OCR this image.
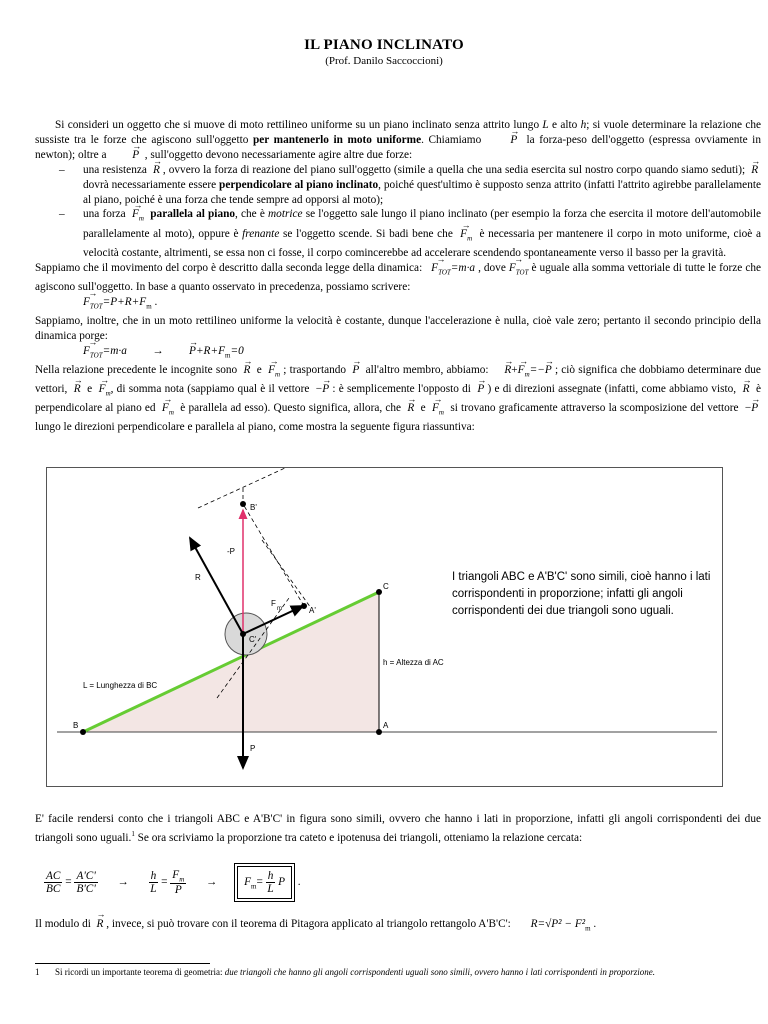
IL PIANO INCLINATO
(Prof. Danilo Saccoccioni)

Si consideri un oggetto che si muove di moto rettilineo uniforme su un piano inclinato senza attrito lungo L e alto h; si vuole determinare la relazione che sussiste tra le forze che agiscono sull'oggetto per mantenerlo in moto uniforme. Chiamiamo	→ P la forza-peso dell'oggetto (espressa ovviamente in newton); oltre a → P , sull'oggetto devono necessariamente agire altre due forze:

– una resistenza → R , ovvero la forza di reazione del piano sull'oggetto (simile a quella che una sedia esercita sul nostro corpo quando siamo seduti); → R  dovrà necessariamente essere perpendicolare al piano inclinato, poiché quest'ultimo è supposto senza attrito (infatti l'attrito agirebbe parallelamente al piano, poiché è una forza che tende sempre ad opporsi al moto);

– una forza → $F_m$ parallela al piano, che è motrice se l'oggetto sale lungo il piano inclinato (per esempio la forza che esercita il motore dell'automobile parallelamente al moto), oppure è frenante se l'oggetto scende. Si badi bene che → $F_m$ è necessaria per mantenere il corpo in moto uniforme, cioè a velocità costante, altrimenti, se essa non ci fosse, il corpo comincerebbe ad accelerare scendendo spontaneamente verso il basso per la gravità.

Sappiamo che il movimento del corpo è descritto dalla seconda legge della dinamica: → $F_{TOT}=m\cdot a$ , dove → $F_{TOT}$ è uguale alla somma vettoriale di tutte le forze che agiscono sull'oggetto. In base a quanto osservato in precedenza, possiamo scrivere:

→ $F_{TOT}=P+R+F_m$ .

Sappiamo, inoltre, che in un moto rettilineo uniforme la velocità è costante, dunque l'accelerazione è nulla, cioè vale zero; pertanto il secondo principio della dinamica porge:

→ $F_{TOT}=m\cdot a$ → → $P+R+F_m=0$

Nella relazione precedente le incognite sono → R $e \to F_m$ ; trasportando → P all'altro membro, abbiamo: → $R+\to F_m=-\to P$ ; ciò significa che dobbiamo determinare due vettori, → R  $e \to F_m$, di somma nota (sappiamo qual è il vettore  −→ P : è semplicemente l'opposto di → P ) e di direzioni assegnate (infatti, come abbiamo visto, → R è perpendicolare al piano ed → $F_m$ è parallela ad esso). Questo significa, allora, che → R  $e \to F_m$ si trovano graficamente attraverso la scomposizione del vettore  −→ P  lungo le direzioni perpendicolare e parallela al piano, come mostra la seguente figura riassuntiva:

B	A
C
B'
A'
C'
R
P
-P
F
m
L = Lunghezza di BC
h = Altezza di AC
I triangoli ABC e A'B'C' sono simili, cioè hanno i lati corrispondenti in proporzione; infatti gli angoli corrispondenti dei due triangoli sono uguali.
E' facile rendersi conto che i triangoli ABC e A'B'C' in figura sono simili, ovvero che hanno i lati in proporzione, infatti gli angoli corrispondenti dei due triangoli sono uguali.$^1$ Se ora scriviamo la proporzione tra cateto e ipotenusa dei triangoli, otteniamo la relazione cercata:
$\frac{AC}{BC} = \frac{A'C'}{B'C'} \to \frac{h}{L} = \frac{F_m}{P} \to F_m= \frac{h}{L}$ P .
Il modulo di → R , invece, si può trovare con il teorema di Pitagora applicato al triangolo rettangolo A'B'C': $R=√P^2 - F^2_m$ .
1	Si ricordi un importante teorema di geometria: due triangoli che hanno gli angoli corrispondenti uguali sono simili, ovvero hanno i lati corrispondenti in proporzione.
